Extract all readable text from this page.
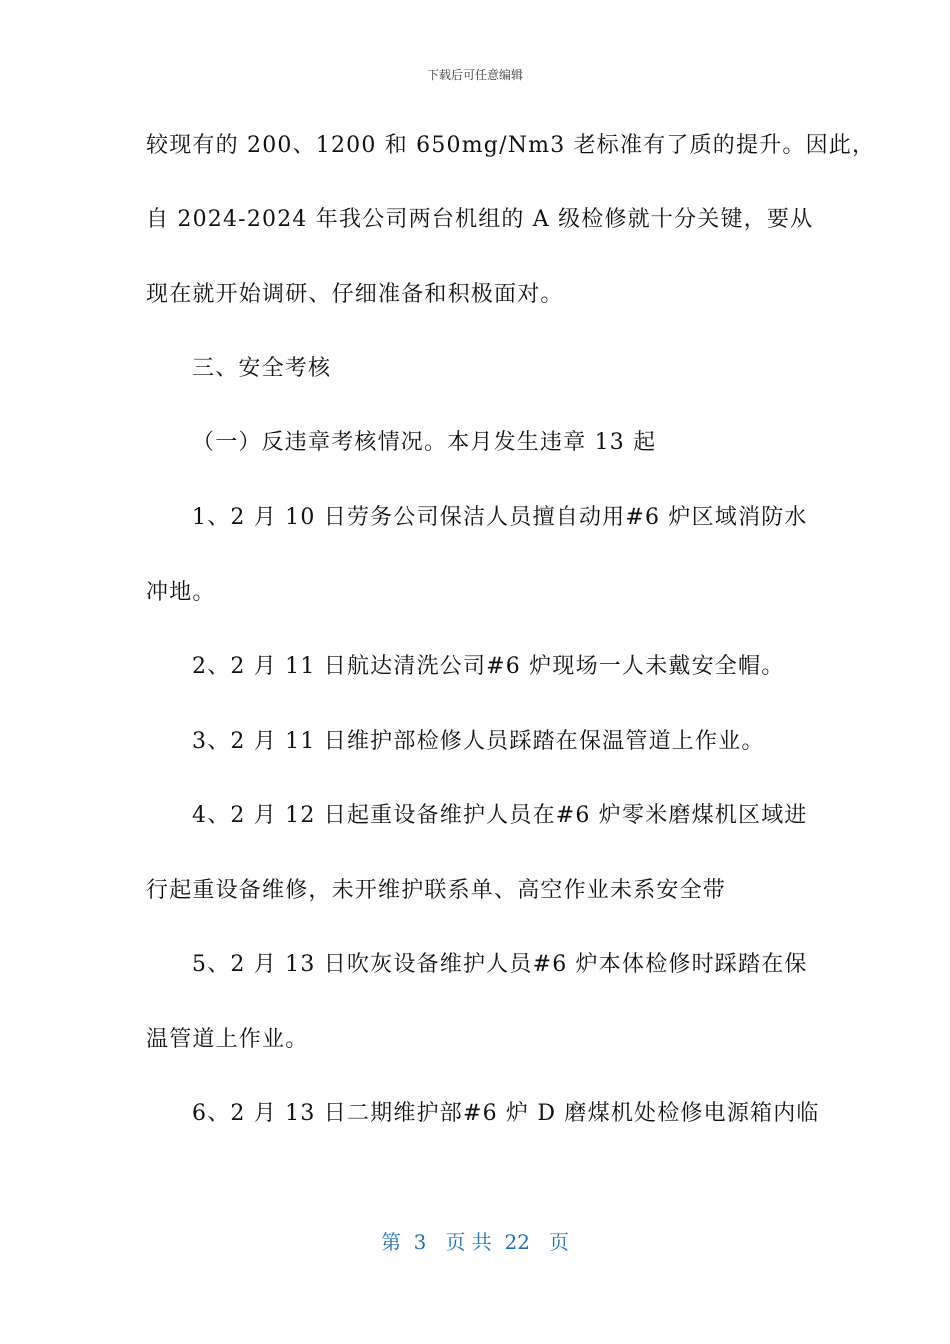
下载后可任意编辑
较现有的 200、1200 和 650mg/Nm3 老标准有了质的提升。因此，
自 2024-2024 年我公司两台机组的 A 级检修就十分关键，要从
现在就开始调研、仔细准备和积极面对。
三、安全考核
（一）反违章考核情况。本月发生违章 13 起
1、2 月 10 日劳务公司保洁人员擅自动用#6 炉区域消防水
冲地。
2、2 月 11 日航达清洗公司#6 炉现场一人未戴安全帽。
3、2 月 11 日维护部检修人员踩踏在保温管道上作业。
4、2 月 12 日起重设备维护人员在#6 炉零米磨煤机区域进
行起重设备维修，未开维护联系单、高空作业未系安全带
5、2 月 13 日吹灰设备维护人员#6 炉本体检修时踩踏在保
温管道上作业。
6、2 月 13 日二期维护部#6 炉 D 磨煤机处检修电源箱内临
第  3   页 共  22   页
